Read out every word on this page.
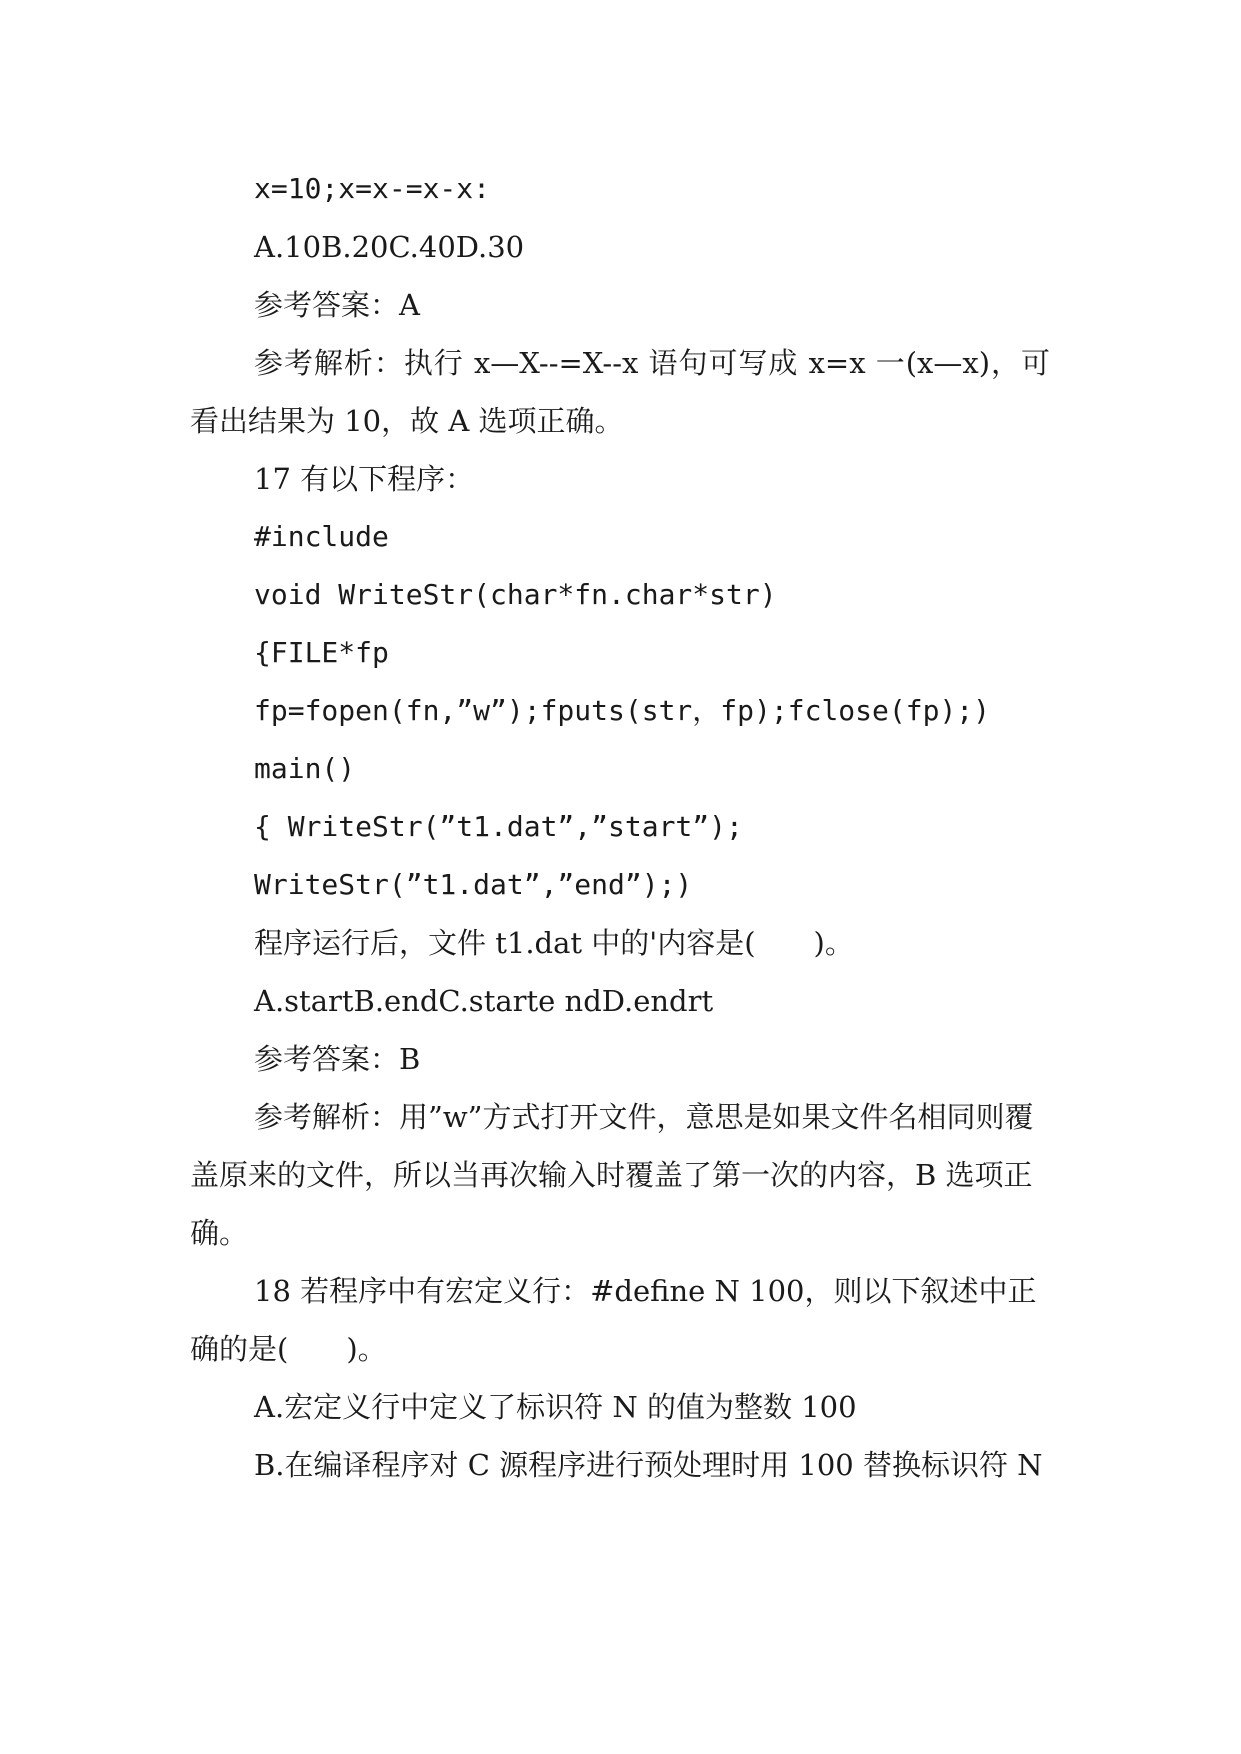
x=10;x=x-=x-x:

A.10B.20C.40D.30

参考答案：A

参考解析：执行 x—X--=X--x 语句可写成 x=x 一(x—x)，可看出结果为 10，故 A 选项正确。

17 有以下程序：

#include

void WriteStr(char*fn.char*str)

{FILE*fp

fp=fopen(fn,”w”);fputs(str，fp);fclose(fp);)

main()

{ WriteStr(”t1.dat”,”start”);

WriteStr(”t1.dat”,”end”);)

程序运行后，文件 t1.dat 中的'内容是(　　)。

A.startB.endC.starte ndD.endrt

参考答案：B

参考解析：用”w”方式打开文件，意思是如果文件名相同则覆盖原来的文件，所以当再次输入时覆盖了第一次的内容，B 选项正确。

18 若程序中有宏定义行：#define N 100，则以下叙述中正确的是(　　)。

A.宏定义行中定义了标识符 N 的值为整数 100

B.在编译程序对 C 源程序进行预处理时用 100 替换标识符 N
